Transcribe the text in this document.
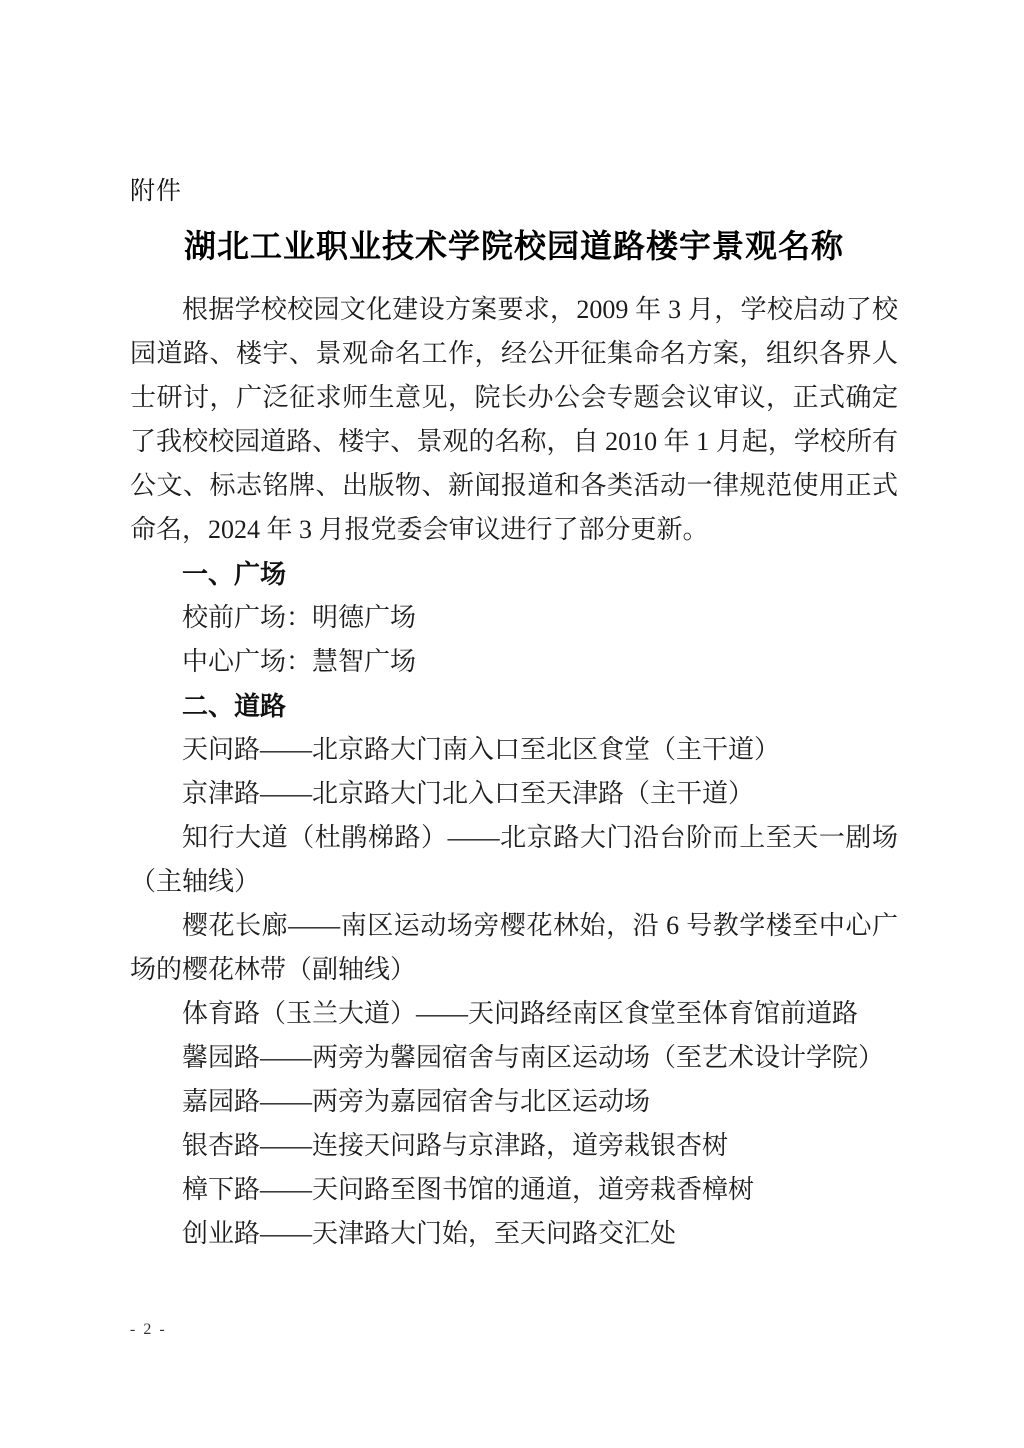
附件
湖北工业职业技术学院校园道路楼宇景观名称

根据学校校园文化建设方案要求，2009 年 3 月，学校启动了校园道路、楼宇、景观命名工作，经公开征集命名方案，组织各界人士研讨，广泛征求师生意见，院长办公会专题会议审议，正式确定了我校校园道路、楼宇、景观的名称，自 2010 年 1 月起，学校所有公文、标志铭牌、出版物、新闻报道和各类活动一律规范使用正式命名，2024 年 3 月报党委会审议进行了部分更新。

一、广场

校前广场：明德广场

中心广场：慧智广场

二、道路

天问路——北京路大门南入口至北区食堂（主干道）

京津路——北京路大门北入口至天津路（主干道）

知行大道（杜鹃梯路）——北京路大门沿台阶而上至天一剧场（主轴线）

樱花长廊——南区运动场旁樱花林始，沿 6 号教学楼至中心广场的樱花林带（副轴线）

体育路（玉兰大道）——天问路经南区食堂至体育馆前道路

馨园路——两旁为馨园宿舍与南区运动场（至艺术设计学院）

嘉园路——两旁为嘉园宿舍与北区运动场

银杏路——连接天问路与京津路，道旁栽银杏树

樟下路——天问路至图书馆的通道，道旁栽香樟树

创业路——天津路大门始，至天问路交汇处

- 2 -
